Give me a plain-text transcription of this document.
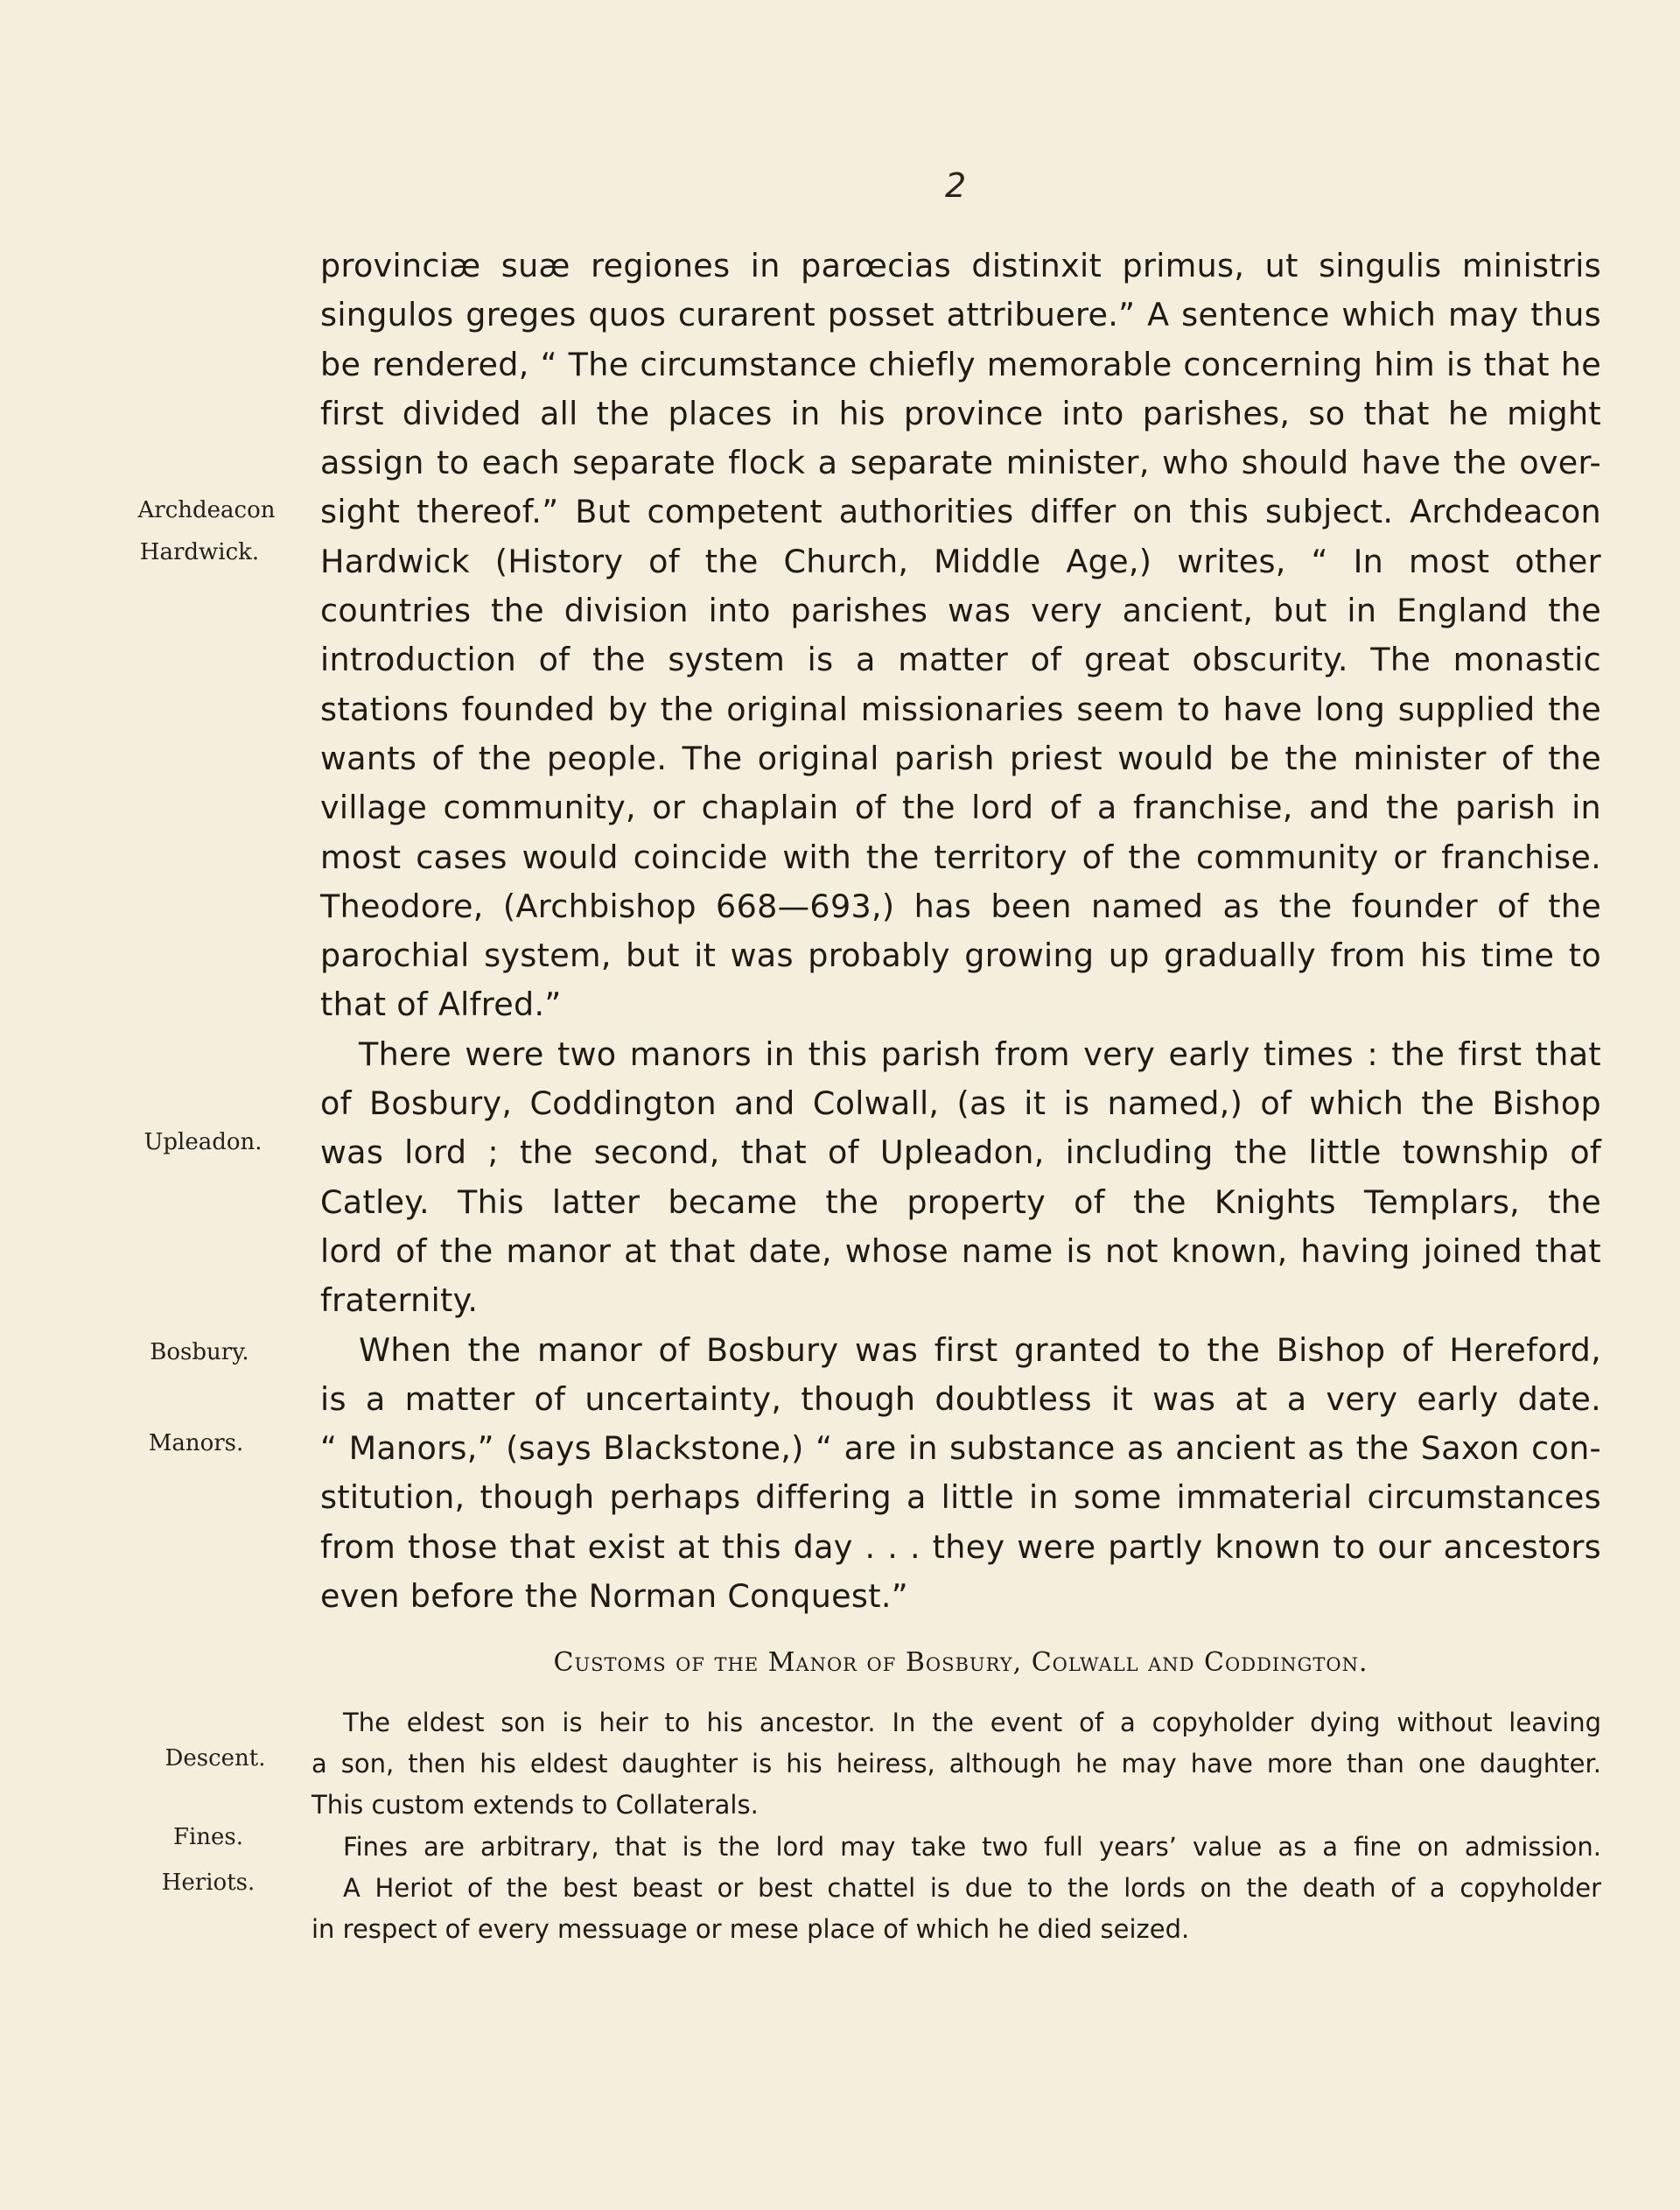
2
Archdeacon
Hardwick.
Upleadon.
Bosbury.
Manors.
Descent.
Fines.
Heriots.
provinciæ suæ regiones in parœcias distinxit primus, ut singulis ministris
singulos greges quos curarent posset attribuere.” A sentence which may thus
be rendered, “ The circumstance chiefly memorable concerning him is that he
first divided all the places in his province into parishes, so that he might
assign to each separate flock a separate minister, who should have the over-
sight thereof.” But competent authorities differ on this subject. Archdeacon
Hardwick (History of the Church, Middle Age,) writes, “ In most other
countries the division into parishes was very ancient, but in England the
introduction of the system is a matter of great obscurity. The monastic
stations founded by the original missionaries seem to have long supplied the
wants of the people. The original parish priest would be the minister of the
village community, or chaplain of the lord of a franchise, and the parish in
most cases would coincide with the territory of the community or franchise.
Theodore, (Archbishop 668—693,) has been named as the founder of the
parochial system, but it was probably growing up gradually from his time to
that of Alfred.”
There were two manors in this parish from very early times : the first that
of Bosbury, Coddington and Colwall, (as it is named,) of which the Bishop
was lord ; the second, that of Upleadon, including the little township of
Catley. This latter became the property of the Knights Templars, the
lord of the manor at that date, whose name is not known, having joined that
fraternity.
When the manor of Bosbury was first granted to the Bishop of Hereford,
is a matter of uncertainty, though doubtless it was at a very early date.
“ Manors,” (says Blackstone,) “ are in substance as ancient as the Saxon con-
stitution, though perhaps differing a little in some immaterial circumstances
from those that exist at this day . . . they were partly known to our ancestors
even before the Norman Conquest.”
Customs of the Manor of Bosbury, Colwall and Coddington.
The eldest son is heir to his ancestor. In the event of a copyholder dying without leaving
a son, then his eldest daughter is his heiress, although he may have more than one daughter.
This custom extends to Collaterals.
Fines are arbitrary, that is the lord may take two full years’ value as a fine on admission.
A Heriot of the best beast or best chattel is due to the lords on the death of a copyholder
in respect of every messuage or mese place of which he died seized.
